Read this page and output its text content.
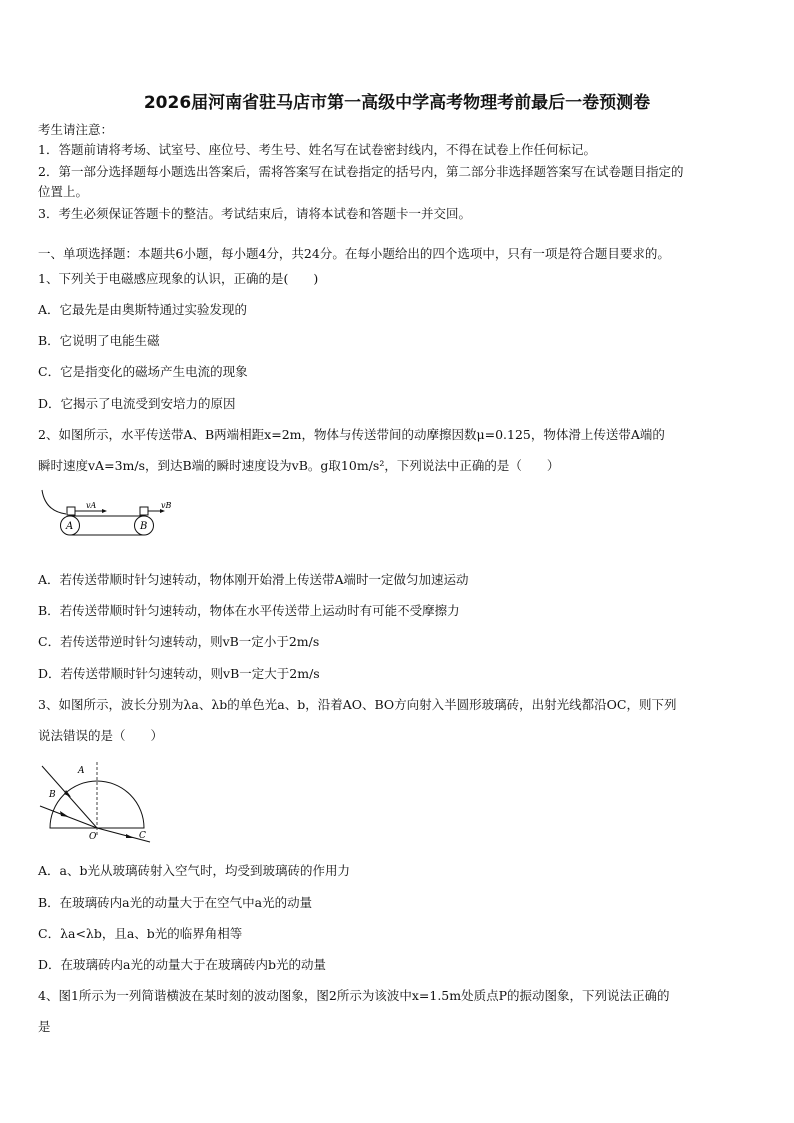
2026届河南省驻马店市第一高级中学高考物理考前最后一卷预测卷
考生请注意：
1．答题前请将考场、试室号、座位号、考生号、姓名写在试卷密封线内，不得在试卷上作任何标记。
2．第一部分选择题每小题选出答案后，需将答案写在试卷指定的括号内，第二部分非选择题答案写在试卷题目指定的
位置上。
3．考生必须保证答题卡的整洁。考试结束后，请将本试卷和答题卡一并交回。
一、单项选择题：本题共6小题，每小题4分，共24分。在每小题给出的四个选项中，只有一项是符合题目要求的。
1、下列关于电磁感应现象的认识，正确的是(　　)
A．它最先是由奥斯特通过实验发现的
B．它说明了电能生磁
C．它是指变化的磁场产生电流的现象
D．它揭示了电流受到安培力的原因
2、如图所示，水平传送带A、B两端相距x=2m，物体与传送带间的动摩擦因数μ=0.125，物体滑上传送带A端的
瞬时速度vA=3m/s，到达B端的瞬时速度设为vB。g取10m/s²，下列说法中正确的是（　　）
vA	vB
A	B
A．若传送带顺时针匀速转动，物体刚开始滑上传送带A端时一定做匀加速运动
B．若传送带顺时针匀速转动，物体在水平传送带上运动时有可能不受摩擦力
C．若传送带逆时针匀速转动，则vB一定小于2m/s
D．若传送带顺时针匀速转动，则vB一定大于2m/s
3、如图所示，波长分别为λa、λb的单色光a、b，沿着AO、BO方向射入半圆形玻璃砖，出射光线都沿OC，则下列
说法错误的是（　　）
A
B
O	C
A．a、b光从玻璃砖射入空气时，均受到玻璃砖的作用力
B．在玻璃砖内a光的动量大于在空气中a光的动量
C．λa<λb，且a、b光的临界角相等
D．在玻璃砖内a光的动量大于在玻璃砖内b光的动量
4、图1所示为一列简谐横波在某时刻的波动图象，图2所示为该波中x=1.5m处质点P的振动图象，下列说法正确的
是
